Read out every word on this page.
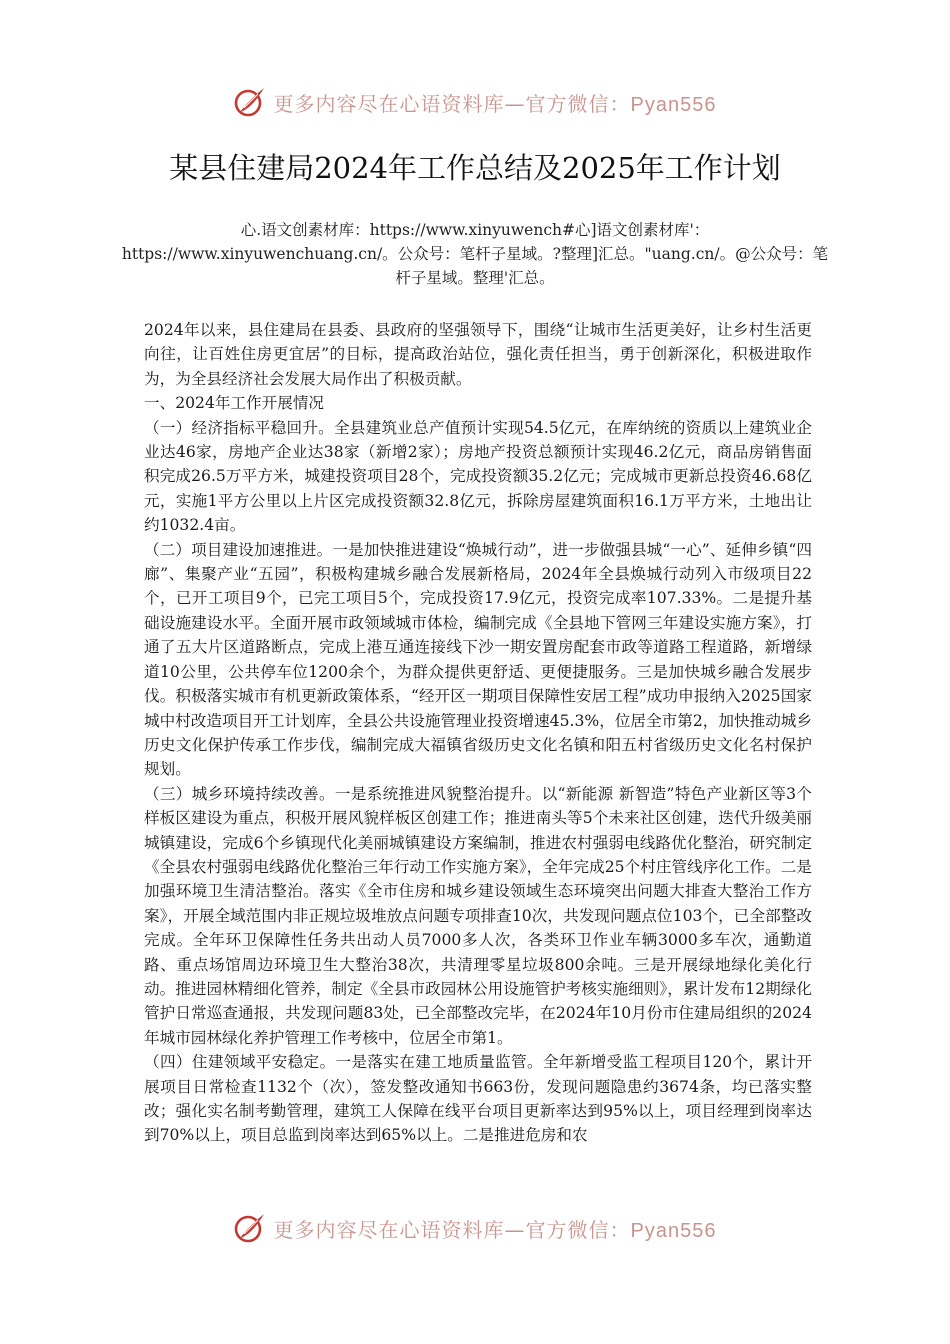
更多内容尽在心语资料库—官方微信：Pyan556
某县住建局2024年工作总结及2025年工作计划

心.语文创素材库：https://www.xinyuwench#心]语文创素材库'：https://www.xinyuwenchuang.cn/。公众号：笔杆子星域。?整理]汇总。"uang.cn/。@公众号：笔杆子星域。整理'汇总。

2024年以来，县住建局在县委、县政府的坚强领导下，围绕“让城市生活更美好，让乡村生活更向往，让百姓住房更宜居”的目标，提高政治站位，强化责任担当，勇于创新深化，积极进取作为，为全县经济社会发展大局作出了积极贡献。

一、2024年工作开展情况

（一）经济指标平稳回升。全县建筑业总产值预计实现54.5亿元，在库纳统的资质以上建筑业企业达46家，房地产企业达38家（新增2家）；房地产投资总额预计实现46.2亿元，商品房销售面积完成26.5万平方米，城建投资项目28个，完成投资额35.2亿元；完成城市更新总投资46.68亿元，实施1平方公里以上片区完成投资额32.8亿元，拆除房屋建筑面积16.1万平方米，土地出让约1032.4亩。

（二）项目建设加速推进。一是加快推进建设“焕城行动”，进一步做强县城“一心”、延伸乡镇“四廊”、集聚产业“五园”，积极构建城乡融合发展新格局，2024年全县焕城行动列入市级项目22个，已开工项目9个，已完工项目5个，完成投资17.9亿元，投资完成率107.33%。二是提升基础设施建设水平。全面开展市政领域城市体检，编制完成《全县地下管网三年建设实施方案》，打通了五大片区道路断点，完成上港互通连接线下沙一期安置房配套市政等道路工程道路，新增绿道10公里，公共停车位1200余个，为群众提供更舒适、更便捷服务。三是加快城乡融合发展步伐。积极落实城市有机更新政策体系，“经开区一期项目保障性安居工程”成功申报纳入2025国家城中村改造项目开工计划库，全县公共设施管理业投资增速45.3%，位居全市第2，加快推动城乡历史文化保护传承工作步伐，编制完成大福镇省级历史文化名镇和阳五村省级历史文化名村保护规划。

（三）城乡环境持续改善。一是系统推进风貌整治提升。以“新能源 新智造”特色产业新区等3个样板区建设为重点，积极开展风貌样板区创建工作；推进南头等5个未来社区创建，迭代升级美丽城镇建设，完成6个乡镇现代化美丽城镇建设方案编制，推进农村强弱电线路优化整治，研究制定《全县农村强弱电线路优化整治三年行动工作实施方案》，全年完成25个村庄管线序化工作。二是加强环境卫生清洁整治。落实《全市住房和城乡建设领域生态环境突出问题大排查大整治工作方案》，开展全域范围内非正规垃圾堆放点问题专项排查10次，共发现问题点位103个，已全部整改完成。全年环卫保障性任务共出动人员7000多人次，各类环卫作业车辆3000多车次，通勤道路、重点场馆周边环境卫生大整治38次，共清理零星垃圾800余吨。三是开展绿地绿化美化行动。推进园林精细化管养，制定《全县市政园林公用设施管护考核实施细则》，累计发布12期绿化管护日常巡查通报，共发现问题83处，已全部整改完毕，在2024年10月份市住建局组织的2024年城市园林绿化养护管理工作考核中，位居全市第1。

（四）住建领域平安稳定。一是落实在建工地质量监管。全年新增受监工程项目120个，累计开展项目日常检查1132个（次），签发整改通知书663份，发现问题隐患约3674条，均已落实整改；强化实名制考勤管理，建筑工人保障在线平台项目更新率达到95%以上，项目经理到岗率达到70%以上，项目总监到岗率达到65%以上。二是推进危房和农

更多内容尽在心语资料库—官方微信：Pyan556
